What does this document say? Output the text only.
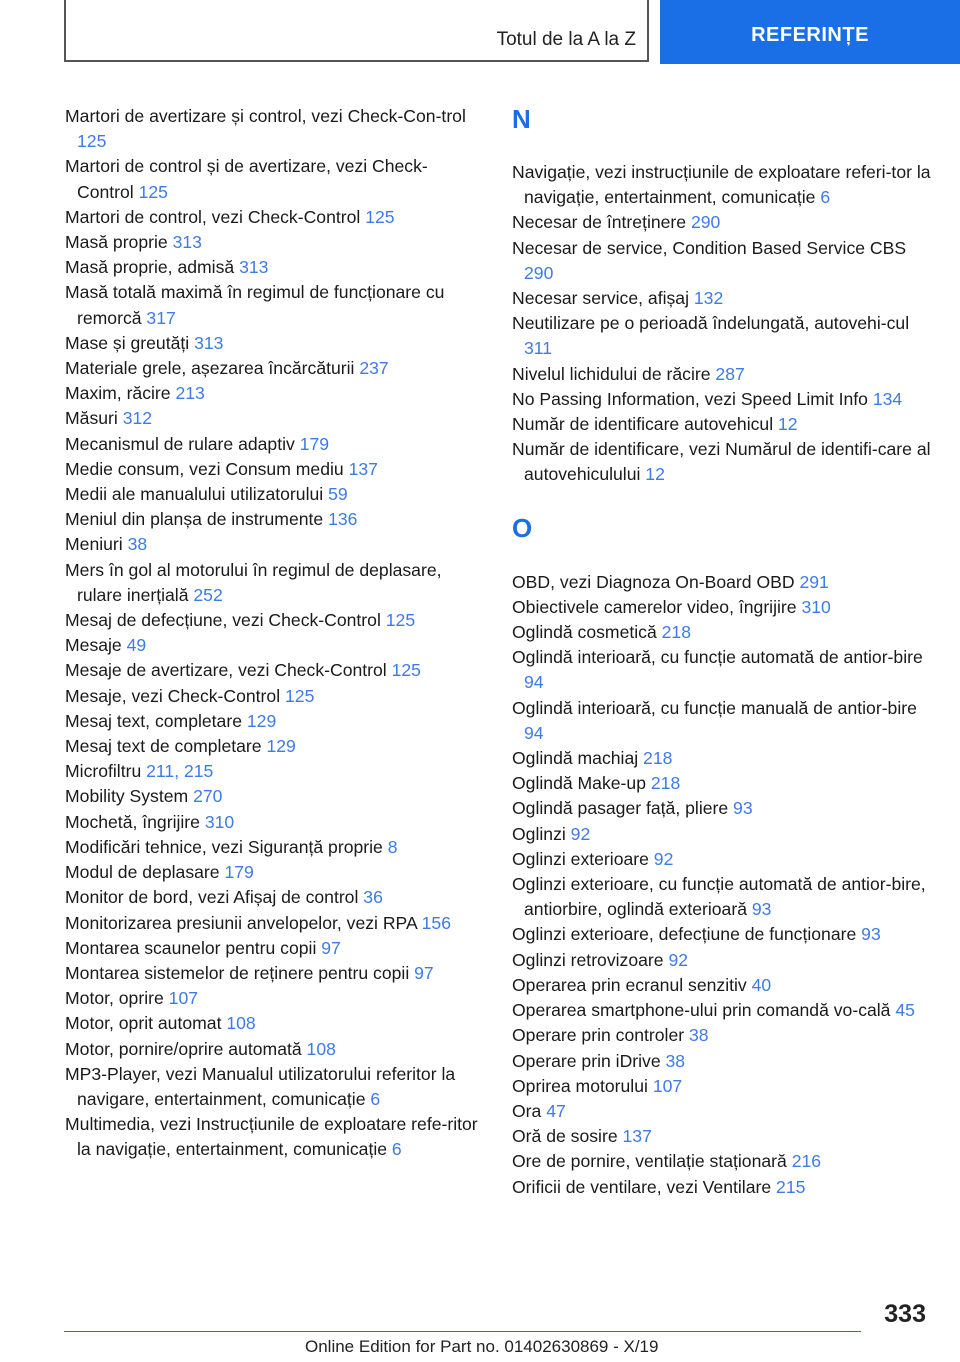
Totul de la A la Z	REFERINȚE
Martori de avertizare și control, vezi Check-Con‐trol 125
Martori de control și de avertizare, vezi Check-Control 125
Martori de control, vezi Check-Control 125
Masă proprie 313
Masă proprie, admisă 313
Masă totală maximă în regimul de funcționare cu remorcă 317
Mase și greutăți 313
Materiale grele, așezarea încărcăturii 237
Maxim, răcire 213
Măsuri 312
Mecanismul de rulare adaptiv 179
Medie consum, vezi Consum mediu 137
Medii ale manualului utilizatorului 59
Meniul din planșa de instrumente 136
Meniuri 38
Mers în gol al motorului în regimul de deplasare, rulare inerțială 252
Mesaj de defecțiune, vezi Check-Control 125
Mesaje 49
Mesaje de avertizare, vezi Check-Control 125
Mesaje, vezi Check-Control 125
Mesaj text, completare 129
Mesaj text de completare 129
Microfiltru 211, 215
Mobility System 270
Mochetă, îngrijire 310
Modificări tehnice, vezi Siguranță proprie 8
Modul de deplasare 179
Monitor de bord, vezi Afișaj de control 36
Monitorizarea presiunii anvelopelor, vezi RPA 156
Montarea scaunelor pentru copii 97
Montarea sistemelor de reținere pentru copii 97
Motor, oprire 107
Motor, oprit automat 108
Motor, pornire/oprire automată 108
MP3-Player, vezi Manualul utilizatorului referitor la navigare, entertainment, comunicație 6
Multimedia, vezi Instrucțiunile de exploatare refe‐ritor la navigație, entertainment, comunicație 6
N
Navigație, vezi instrucțiunile de exploatare referi‐tor la navigație, entertainment, comunicație 6
Necesar de întreținere 290
Necesar de service, Condition Based Service CBS 290
Necesar service, afișaj 132
Neutilizare pe o perioadă îndelungată, autovehi‐cul 311
Nivelul lichidului de răcire 287
No Passing Information, vezi Speed Limit Info 134
Număr de identificare autovehicul 12
Număr de identificare, vezi Numărul de identifi‐care al autovehiculului 12
O
OBD, vezi Diagnoza On-Board OBD 291
Obiectivele camerelor video, îngrijire 310
Oglindă cosmetică 218
Oglindă interioară, cu funcție automată de antior‐bire 94
Oglindă interioară, cu funcție manuală de antior‐bire 94
Oglindă machiaj 218
Oglindă Make-up 218
Oglindă pasager față, pliere 93
Oglinzi 92
Oglinzi exterioare 92
Oglinzi exterioare, cu funcție automată de antior‐bire, antiorbire, oglindă exterioară 93
Oglinzi exterioare, defecțiune de funcționare 93
Oglinzi retrovizoare 92
Operarea prin ecranul senzitiv 40
Operarea smartphone-ului prin comandă vo‐cală 45
Operare prin controler 38
Operare prin iDrive 38
Oprirea motorului 107
Ora 47
Oră de sosire 137
Ore de pornire, ventilație staționară 216
Orificii de ventilare, vezi Ventilare 215
333
Online Edition for Part no. 01402630869 - X/19
